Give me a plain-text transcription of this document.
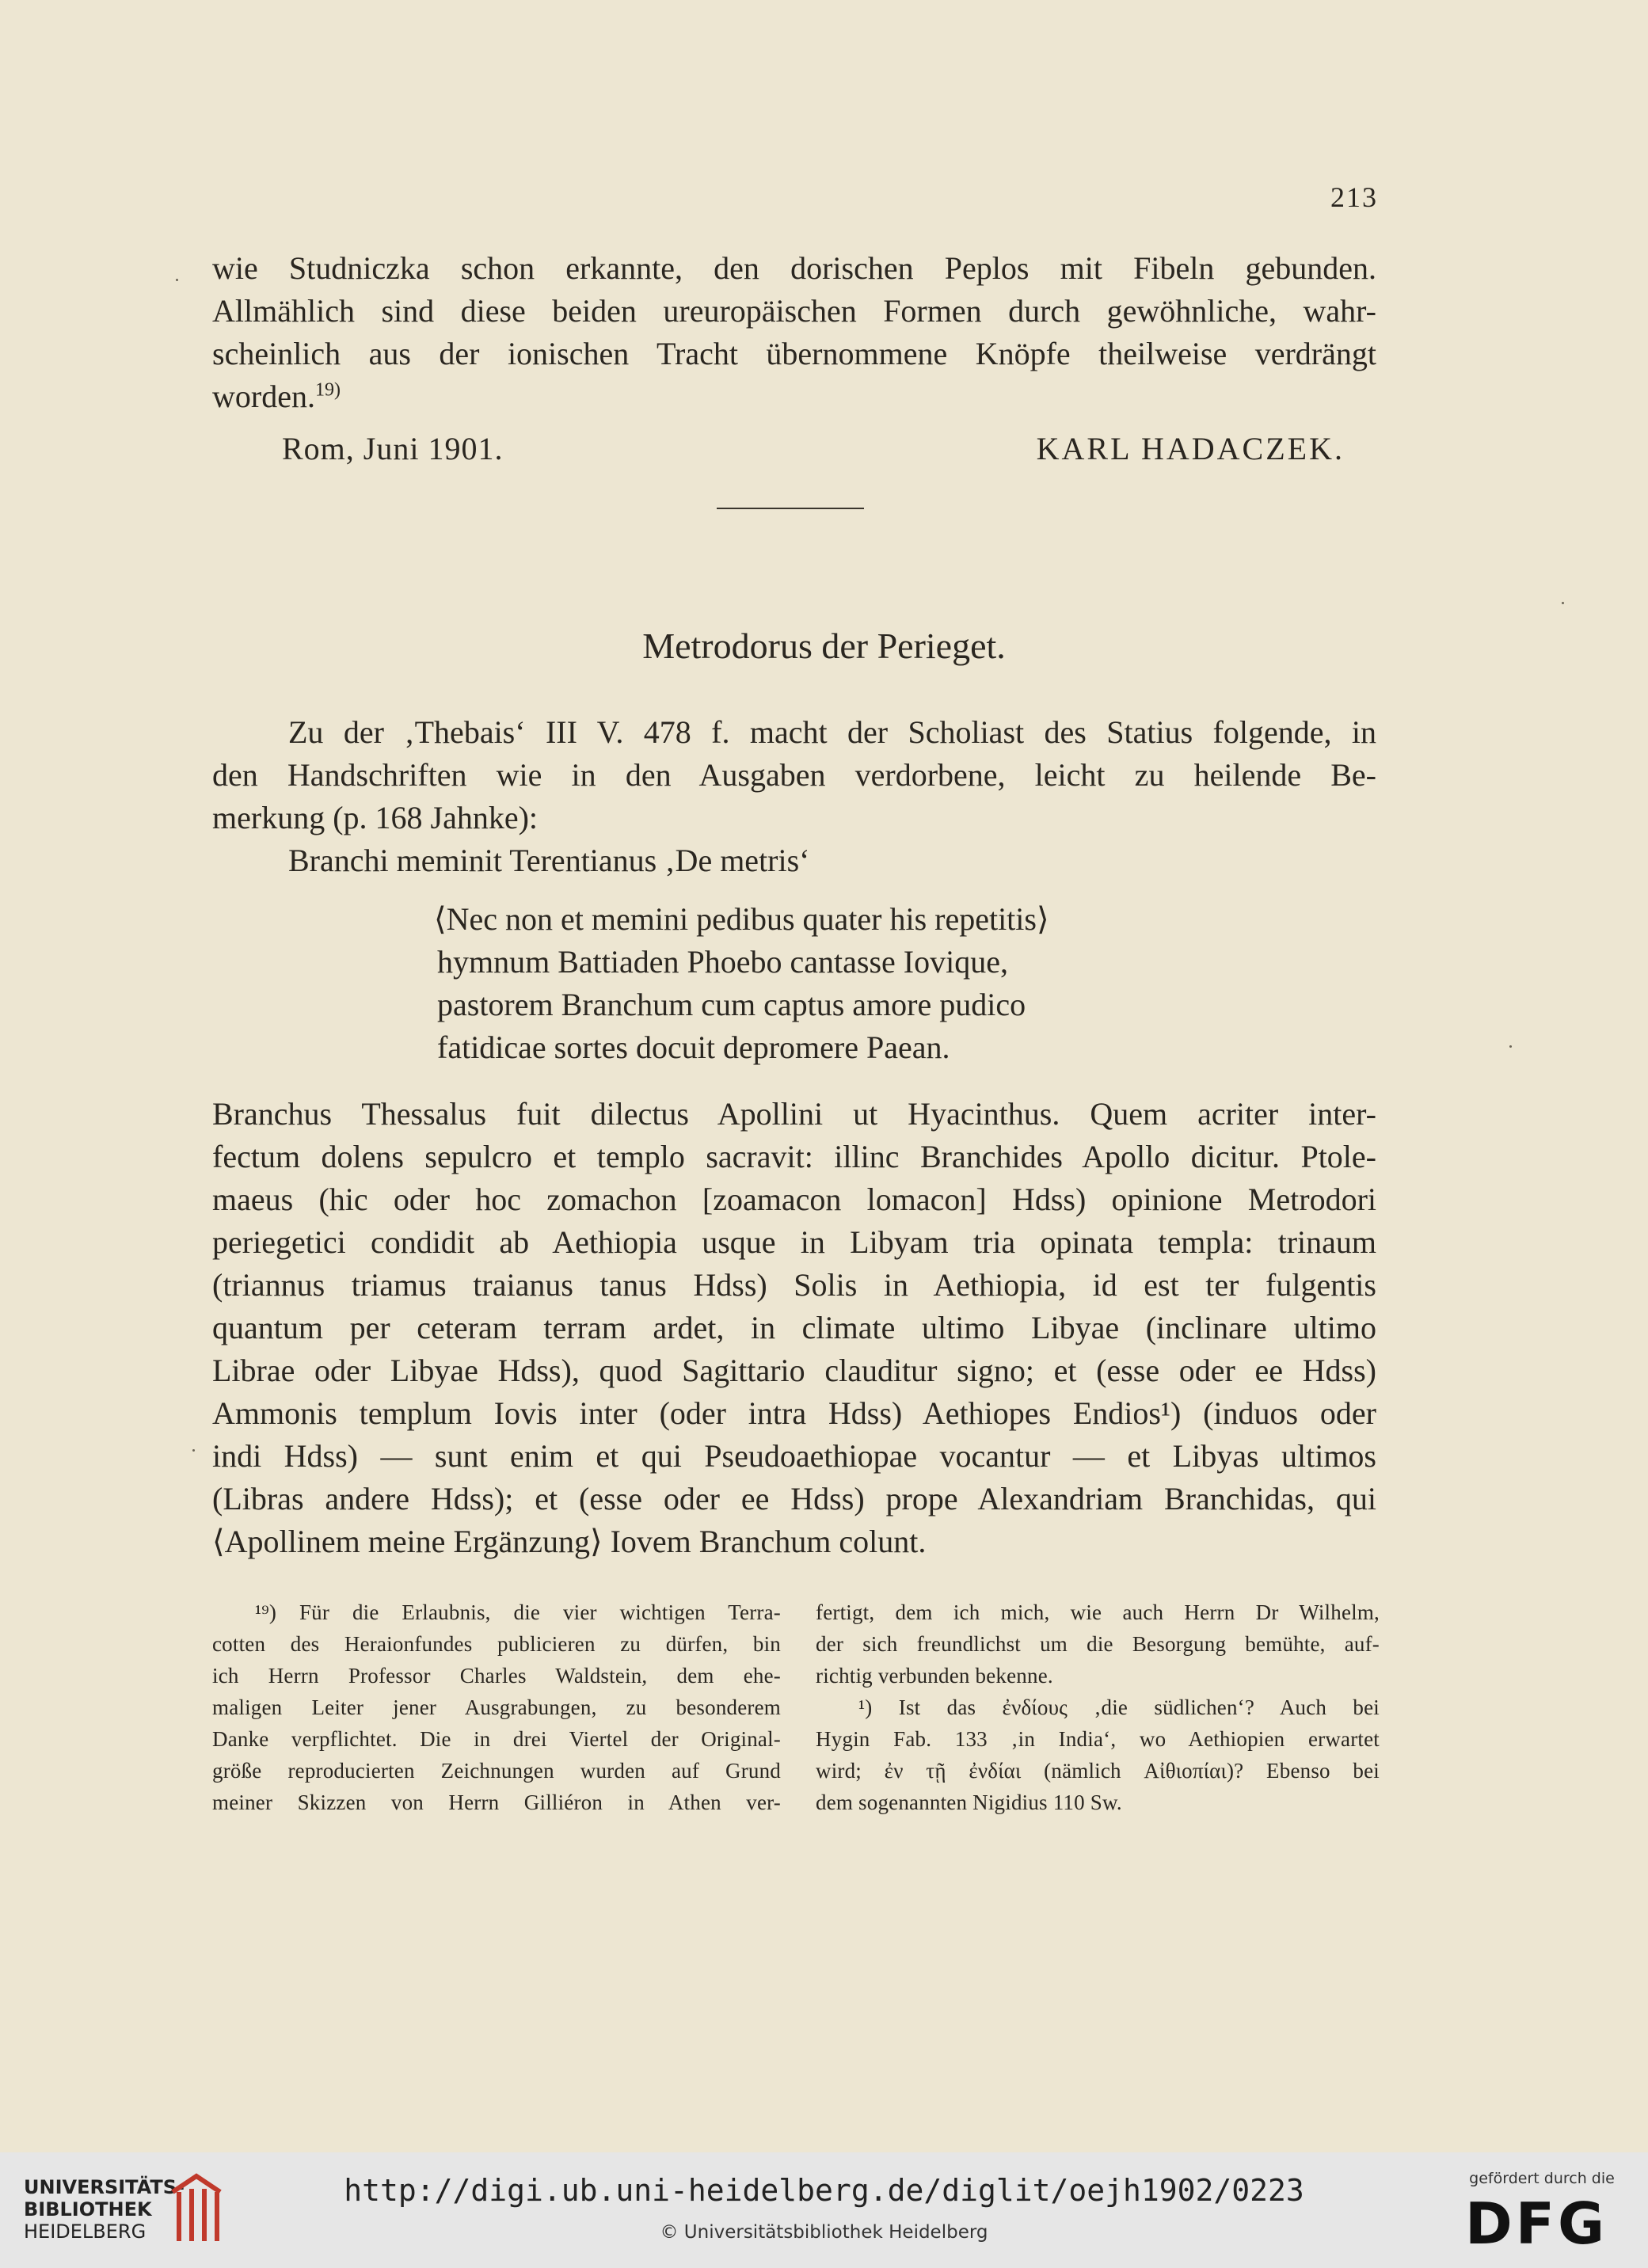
213
wie Studniczka schon erkannte, den dorischen Peplos mit Fibeln gebunden.
Allmählich sind diese beiden ureuropäischen Formen durch gewöhnliche, wahr-
scheinlich aus der ionischen Tracht übernommene Knöpfe theilweise verdrängt
worden.$^{19)}$
Rom, Juni 1901.	KARL HADACZEK.
Metrodorus der Perieget.
Zu der ‚Thebais‘ III V. 478 f. macht der Scholiast des Statius folgende, in
den Handschriften wie in den Ausgaben verdorbene, leicht zu heilende Be-
merkung (p. 168 Jahnke):
Branchi meminit Terentianus ‚De metris‘
⟨Nec non et memini pedibus quater his repetitis⟩
hymnum Battiaden Phoebo cantasse Iovique,
pastorem Branchum cum captus amore pudico
fatidicae sortes docuit depromere Paean.
Branchus Thessalus fuit dilectus Apollini ut Hyacinthus. Quem acriter inter-
fectum dolens sepulcro et templo sacravit: illinc Branchides Apollo dicitur. Ptole-
maeus (hic oder hoc zomachon [zoamacon lomacon] Hdss) opinione Metrodori
periegetici condidit ab Aethiopia usque in Libyam tria opinata templa: trinaum
(triannus triamus traianus tanus Hdss) Solis in Aethiopia, id est ter fulgentis
quantum per ceteram terram ardet, in climate ultimo Libyae (inclinare ultimo
Librae oder Libyae Hdss), quod Sagittario clauditur signo; et (esse oder ee Hdss)
Ammonis templum Iovis inter (oder intra Hdss) Aethiopes Endios¹) (induos oder
indi Hdss) — sunt enim et qui Pseudoaethiopae vocantur — et Libyas ultimos
(Libras andere Hdss); et (esse oder ee Hdss) prope Alexandriam Branchidas, qui
⟨Apollinem meine Ergänzung⟩ Iovem Branchum colunt.
¹⁹) Für die Erlaubnis, die vier wichtigen Terra-
cotten des Heraionfundes publicieren zu dürfen, bin
ich Herrn Professor Charles Waldstein, dem ehe-
maligen Leiter jener Ausgrabungen, zu besonderem
Danke verpflichtet. Die in drei Viertel der Original-
größe reproducierten Zeichnungen wurden auf Grund
meiner Skizzen von Herrn Gilliéron in Athen ver-
fertigt, dem ich mich, wie auch Herrn Dr Wilhelm,
der sich freundlichst um die Besorgung bemühte, auf-
richtig verbunden bekenne.
¹) Ist das ἐνδίους ‚die südlichen‘? Auch bei
Hygin Fab. 133 ‚in India‘, wo Aethiopien erwartet
wird; ἐν τῇ ἐνδίαι (nämlich Αἰθιοπίαι)? Ebenso bei
dem sogenannten Nigidius 110 Sw.
UNIVERSITÄTS-
BIBLIOTHEK
HEIDELBERG
http://digi.ub.uni-heidelberg.de/diglit/oejh1902/0223
© Universitätsbibliothek Heidelberg
gefördert durch die
DFG
